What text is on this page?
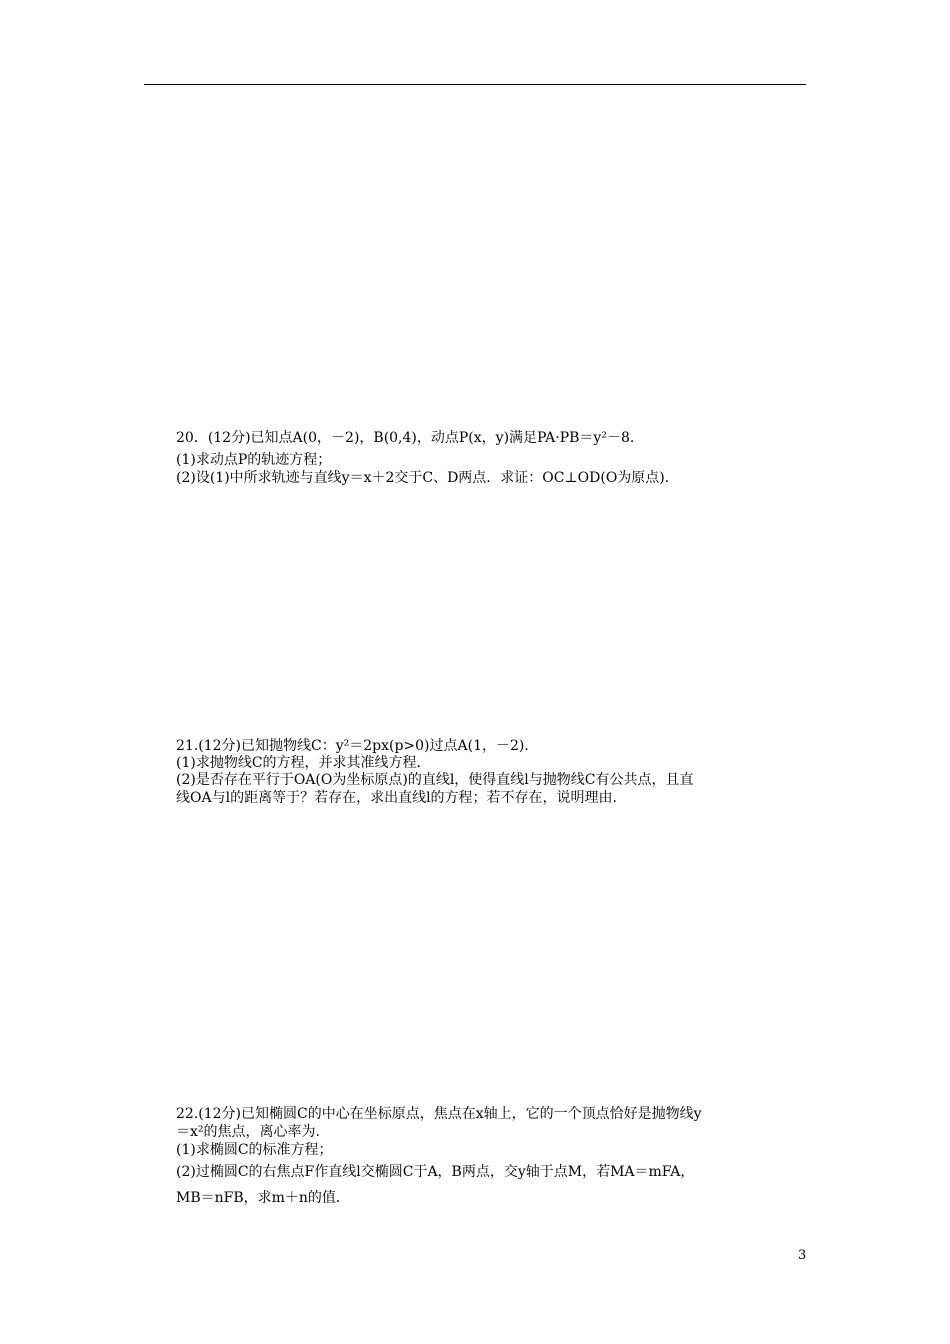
20．(12分)已知点A(0，－2)，B(0,4)，动点P(x，y)满足PA·PB＝y²－8.
(1)求动点P的轨迹方程；
(2)设(1)中所求轨迹与直线y＝x＋2交于C、D两点．求证：OC⊥OD(O为原点)．
21.(12分)已知抛物线C：y²＝2px(p>0)过点A(1，－2)．
(1)求抛物线C的方程，并求其准线方程．
(2)是否存在平行于OA(O为坐标原点)的直线l，使得直线l与抛物线C有公共点，且直
线OA与l的距离等于？若存在，求出直线l的方程；若不存在，说明理由．
22.(12分)已知椭圆C的中心在坐标原点，焦点在x轴上，它的一个顶点恰好是抛物线y
＝x²的焦点，离心率为.
(1)求椭圆C的标准方程；
(2)过椭圆C的右焦点F作直线l交椭圆C于A，B两点，交y轴于点M，若MA＝mFA，
MB＝nFB，求m＋n的值．
3
